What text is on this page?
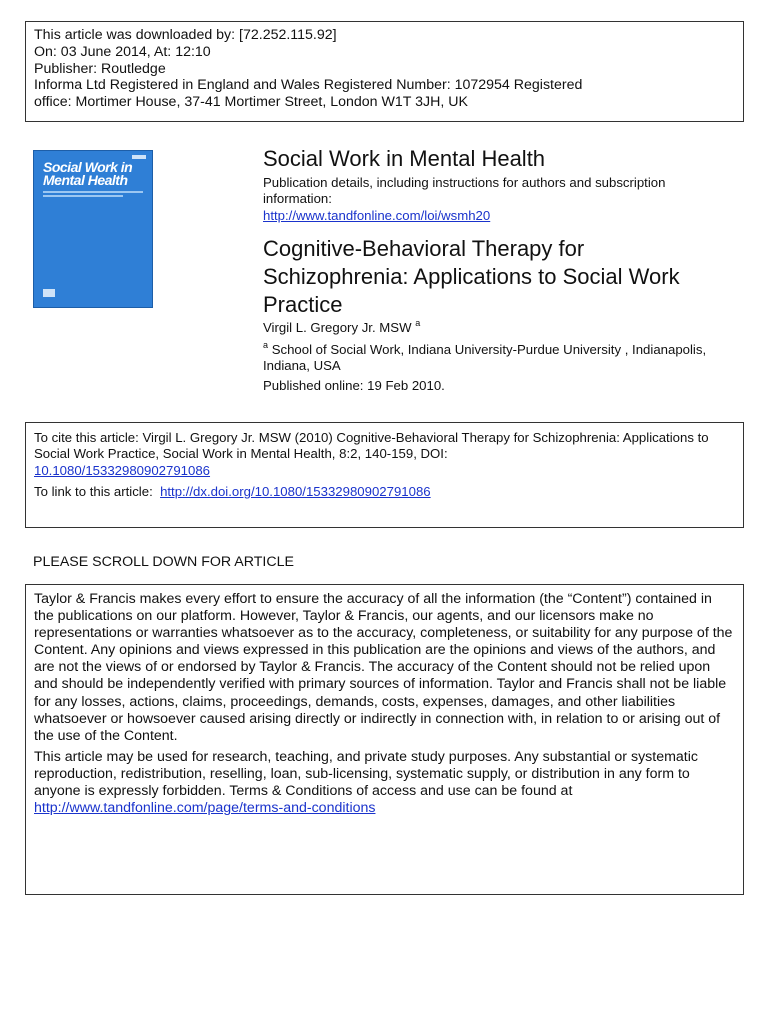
This article was downloaded by: [72.252.115.92]
On: 03 June 2014, At: 12:10
Publisher: Routledge
Informa Ltd Registered in England and Wales Registered Number: 1072954 Registered
office: Mortimer House, 37-41 Mortimer Street, London W1T 3JH, UK
Social Work in Mental Health
Social Work in Mental Health
Publication details, including instructions for authors and subscription information:
http://www.tandfonline.com/loi/wsmh20
Cognitive-Behavioral Therapy for Schizophrenia: Applications to Social Work Practice
Virgil L. Gregory Jr. MSW $^a$
$^a$ School of Social Work, Indiana University-Purdue University , Indianapolis, Indiana, USA
Published online: 19 Feb 2010.
To cite this article: Virgil L. Gregory Jr. MSW (2010) Cognitive-Behavioral Therapy for Schizophrenia: Applications to Social Work Practice, Social Work in Mental Health, 8:2, 140-159, DOI:
10.1080/15332980902791086
To link to this article: http://dx.doi.org/10.1080/15332980902791086
PLEASE SCROLL DOWN FOR ARTICLE

Taylor & Francis makes every effort to ensure the accuracy of all the information (the “Content”) contained in the publications on our platform. However, Taylor & Francis, our agents, and our licensors make no representations or warranties whatsoever as to the accuracy, completeness, or suitability for any purpose of the Content. Any opinions and views expressed in this publication are the opinions and views of the authors, and are not the views of or endorsed by Taylor & Francis. The accuracy of the Content should not be relied upon and should be independently verified with primary sources of information. Taylor and Francis shall not be liable for any losses, actions, claims, proceedings, demands, costs, expenses, damages, and other liabilities whatsoever or howsoever caused arising directly or indirectly in connection with, in relation to or arising out of the use of the Content.

This article may be used for research, teaching, and private study purposes. Any substantial or systematic reproduction, redistribution, reselling, loan, sub-licensing, systematic supply, or distribution in any form to anyone is expressly forbidden. Terms & Conditions of access and use can be found at http://www.tandfonline.com/page/terms-and-conditions
